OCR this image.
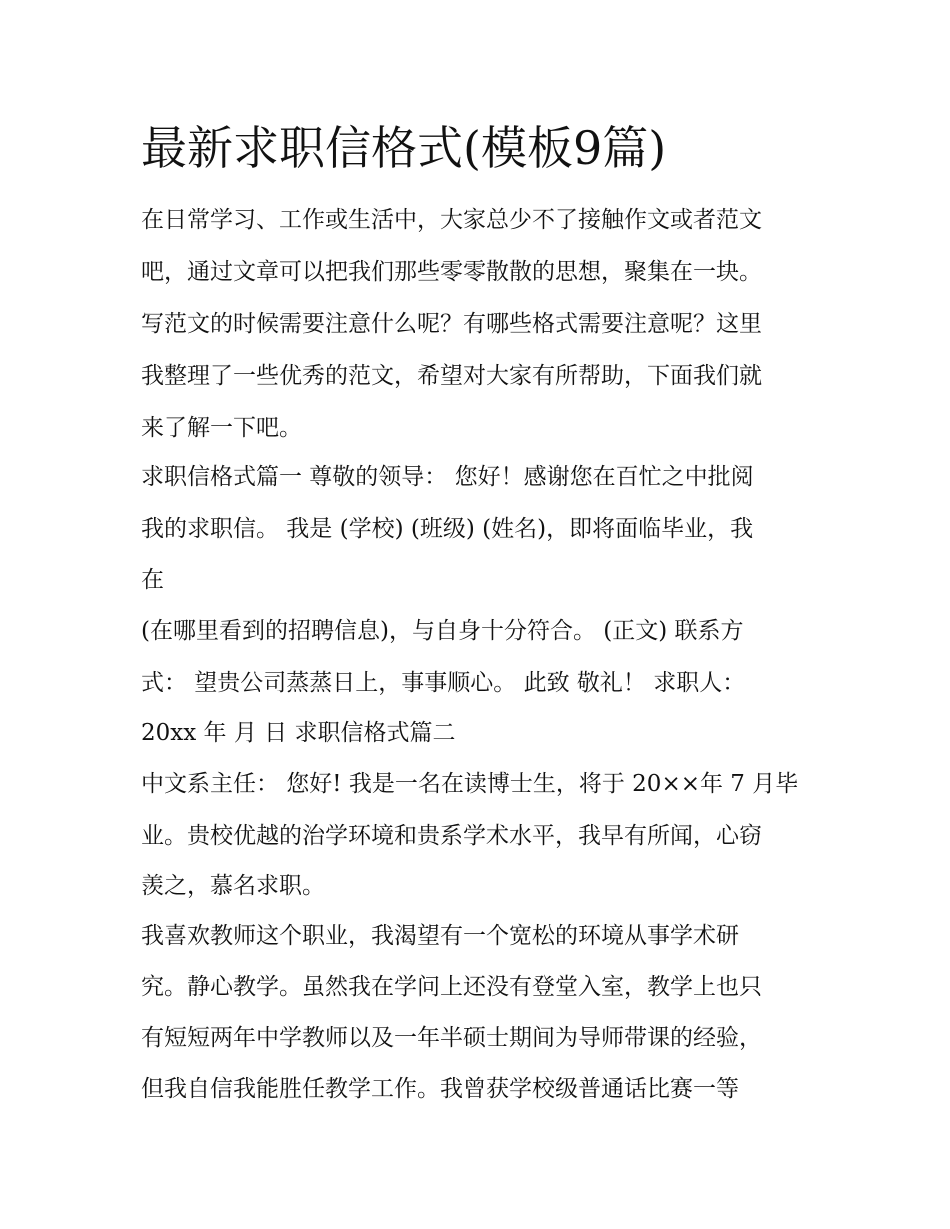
最新求职信格式(模板9篇)

在日常学习、工作或生活中，大家总少不了接触作文或者范文

吧，通过文章可以把我们那些零零散散的思想，聚集在一块。

写范文的时候需要注意什么呢？有哪些格式需要注意呢？这里

我整理了一些优秀的范文，希望对大家有所帮助，下面我们就

来了解一下吧。

求职信格式篇一 尊敬的领导： 您好！感谢您在百忙之中批阅

我的求职信。 我是 (学校) (班级) (姓名)，即将面临毕业，我

在

(在哪里看到的招聘信息)，与自身十分符合。 (正文) 联系方

式： 望贵公司蒸蒸日上，事事顺心。 此致 敬礼！ 求职人：

20xx 年 月 日 求职信格式篇二

中文系主任： 您好! 我是一名在读博士生，将于 20××年 7 月毕

业。贵校优越的治学环境和贵系学术水平，我早有所闻，心窃

羡之，慕名求职。

我喜欢教师这个职业，我渴望有一个宽松的环境从事学术研

究。静心教学。虽然我在学问上还没有登堂入室，教学上也只

有短短两年中学教师以及一年半硕士期间为导师带课的经验，

但我自信我能胜任教学工作。我曾获学校级普通话比赛一等
